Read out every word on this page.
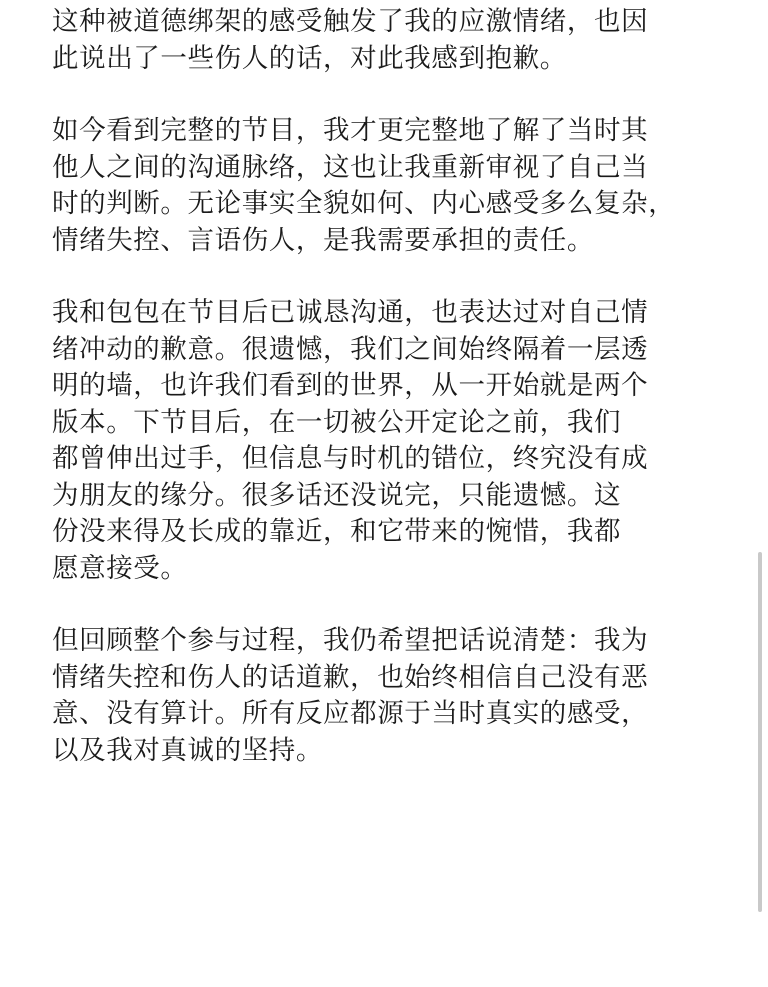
这种被道德绑架的感受触发了我的应激情绪，也因
此说出了一些伤人的话，对此我感到抱歉。
如今看到完整的节目，我才更完整地了解了当时其
他人之间的沟通脉络，这也让我重新审视了自己当
时的判断。无论事实全貌如何、内心感受多么复杂，
情绪失控、言语伤人，是我需要承担的责任。
我和包包在节目后已诚恳沟通，也表达过对自己情
绪冲动的歉意。很遗憾，我们之间始终隔着一层透
明的墙，也许我们看到的世界，从一开始就是两个
版本。下节目后，在一切被公开定论之前，我们
都曾伸出过手，但信息与时机的错位，终究没有成
为朋友的缘分。很多话还没说完，只能遗憾。这
份没来得及长成的靠近，和它带来的惋惜，我都
愿意接受。
但回顾整个参与过程，我仍希望把话说清楚：我为
情绪失控和伤人的话道歉，也始终相信自己没有恶
意、没有算计。所有反应都源于当时真实的感受，
以及我对真诚的坚持。
